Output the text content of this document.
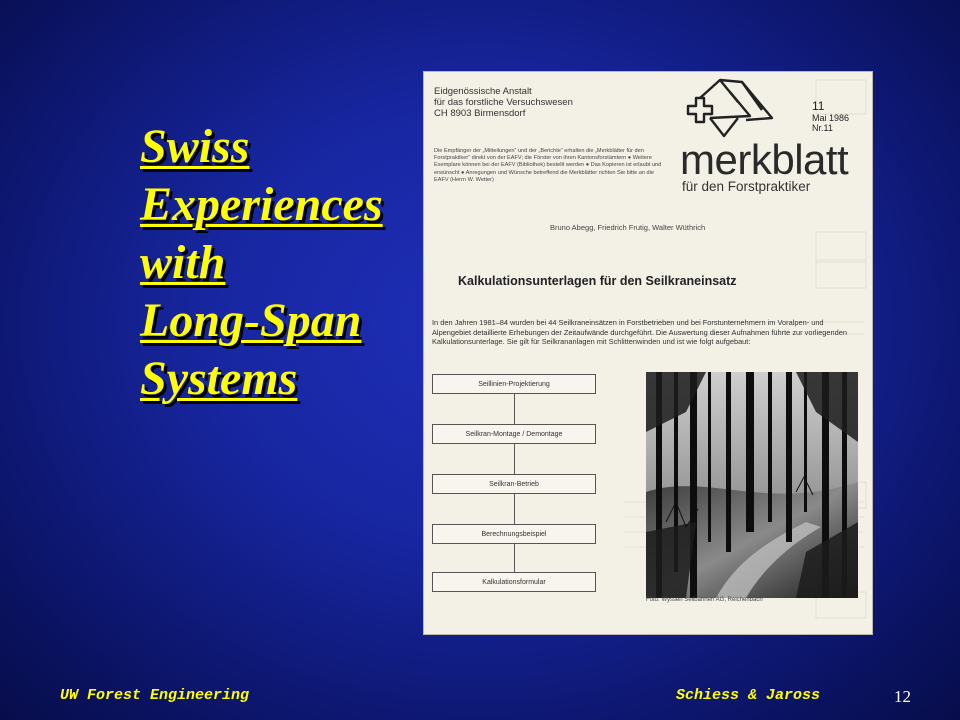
Swiss
Experiences
with
Long-Span
Systems
Eidgenössische Anstalt
für das forstliche Versuchswesen
CH 8903 Birmensdorf
Die Empfänger der „Mitteilungen“ und der „Berichte“ erhalten die „Merkblätter für den Forstpraktiker“ direkt von der EAFV; die Förster von ihren Kantonsforstämtern ● Weitere Exemplare können bei der EAFV (Bibliothek) bestellt werden ● Das Kopieren ist erlaubt und erwünscht ● Anregungen und Wünsche betreffend die Merkblätter richten Sie bitte an die EAFV (Herrn W. Wetter)
11
Mai 1986
Nr.11
merkblatt
für den Forstpraktiker
Bruno Abegg, Friedrich Frutig, Walter Wüthrich
Kalkulationsunterlagen für den Seilkraneinsatz
In den Jahren 1981–84 wurden bei 44 Seilkraneinsätzen in Forstbetrieben und bei Forstunternehmern im Voralpen- und Alpengebiet detaillierte Erhebungen der Zeitaufwände durchgeführt. Die Auswertung dieser Aufnahmen führte zur vorliegenden Kalkulationsunterlage. Sie gilt für Seilkrananlagen mit Schlittenwinden und ist wie folgt aufgebaut:
Seillinien-Projektierung
Seilkran-Montage / Demontage
Seilkran-Betrieb
Berechnungsbeispiel
Kalkulationsformular
Foto: Wyssen Seilbahnen AG, Reichenbach
UW Forest Engineering	Schiess & Jaross	12
